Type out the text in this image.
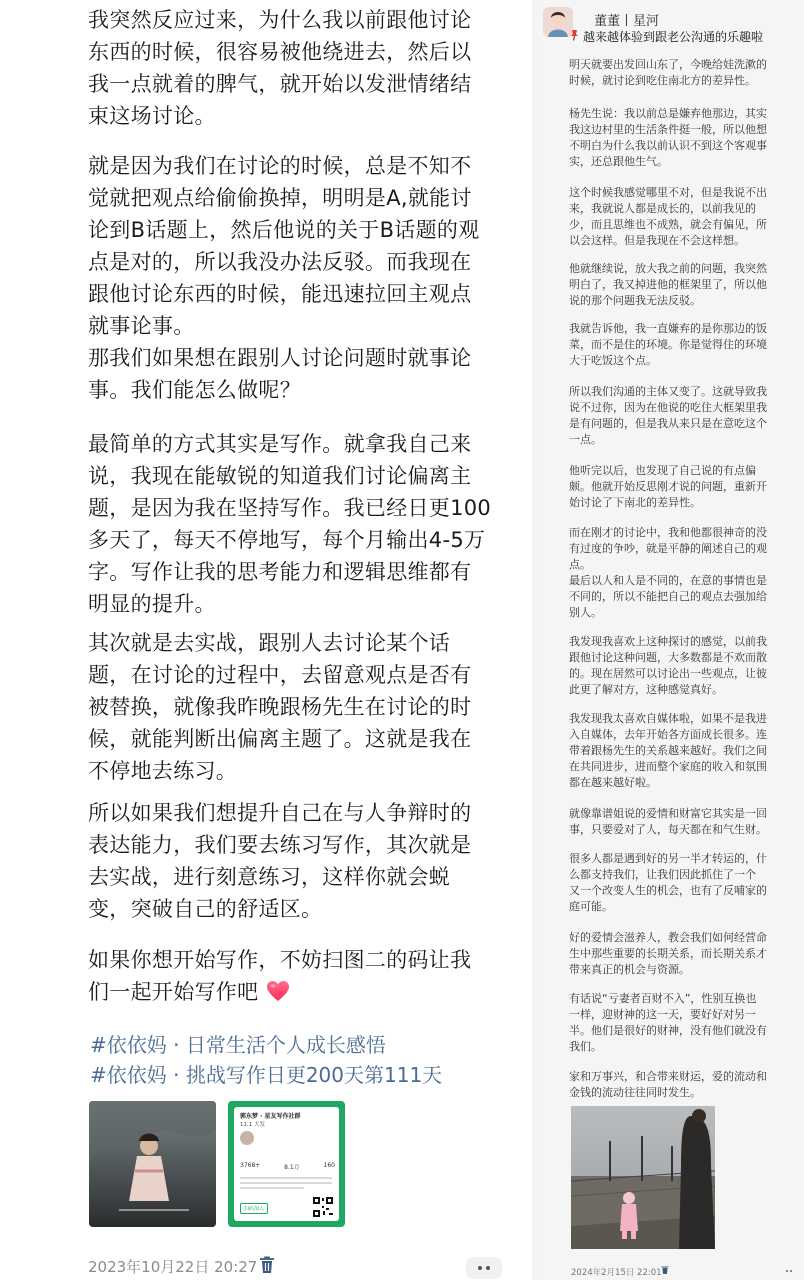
我突然反应过来，为什么我以前跟他讨论
东西的时候，很容易被他绕进去，然后以
我一点就着的脾气，就开始以发泄情绪结
束这场讨论。

就是因为我们在讨论的时候，总是不知不
觉就把观点给偷偷换掉，明明是A,就能讨
论到B话题上，然后他说的关于B话题的观
点是对的，所以我没办法反驳。而我现在
跟他讨论东西的时候，能迅速拉回主观点
就事论事。

那我们如果想在跟别人讨论问题时就事论
事。我们能怎么做呢？

最简单的方式其实是写作。就拿我自己来
说，我现在能敏锐的知道我们讨论偏离主
题，是因为我在坚持写作。我已经日更100
多天了，每天不停地写，每个月输出4-5万
字。写作让我的思考能力和逻辑思维都有
明显的提升。

其次就是去实战，跟别人去讨论某个话
题，在讨论的过程中，去留意观点是否有
被替换，就像我昨晚跟杨先生在讨论的时
候，就能判断出偏离主题了。这就是我在
不停地去练习。

所以如果我们想提升自己在与人争辩时的
表达能力，我们要去练习写作，其次就是
去实战，进行刻意练习，这样你就会蜕
变，突破自己的舒适区。

如果你想开始写作，不妨扫图二的码让我
们一起开始写作吧

#依依妈 · 日常生活个人成长感悟
#依依妈 · 挑战写作日更200天第111天
郭东梦 · 星友写作社群
11.1 大发
3768+	8.1万	160
扫码加入
2023年10月22日 20:27
董董丨星河
越来越体验到跟老公沟通的乐趣啦

明天就要出发回山东了，今晚给娃洗漱的
时候，就讨论到吃住南北方的差异性。

杨先生说：我以前总是嫌弃他那边，其实
我这边村里的生活条件挺一般，所以他想
不明白为什么我以前认识不到这个客观事
实，还总跟他生气。

这个时候我感觉哪里不对，但是我说不出
来，我就说人都是成长的，以前我见的
少，而且思维也不成熟，就会有偏见，所
以会这样。但是我现在不会这样想。

他就继续说，放大我之前的问题，我突然
明白了，我又掉进他的框架里了，所以他
说的那个问题我无法反驳。

我就告诉他，我一直嫌弃的是你那边的饭
菜，而不是住的环境。你是觉得住的环境
大于吃饭这个点。

所以我们沟通的主体又变了。这就导致我
说不过你，因为在他说的吃住大框架里我
是有问题的，但是我从来只是在意吃这个
一点。

他听完以后，也发现了自己说的有点偏
颇。他就开始反思刚才说的问题，重新开
始讨论了下南北的差异性。

而在刚才的讨论中，我和他都很神奇的没
有过度的争吵，就是平静的阐述自己的观
点。
最后以人和人是不同的，在意的事情也是
不同的，所以不能把自己的观点去强加给
别人。

我发现我喜欢上这种探讨的感觉，以前我
跟他讨论这种问题，大多数都是不欢而散
的。现在居然可以讨论出一些观点，让彼
此更了解对方，这种感觉真好。

我发现我太喜欢自媒体啦，如果不是我进
入自媒体，去年开始各方面成长很多。连
带着跟杨先生的关系越来越好。我们之间
在共同进步，进而整个家庭的收入和氛围
都在越来越好啦。

就像靠谱姐说的爱情和财富它其实是一回
事，只要爱对了人，每天都在和气生财。

很多人都是遇到好的另一半才转运的，什
么都支持我们，让我们因此抓住了一个
又一个改变人生的机会，也有了反哺家的
庭可能。

好的爱情会滋养人，教会我们如何经营命
生中那些重要的长期关系，而长期关系才
带来真正的机会与资源。

有话说“亏妻者百财不入”，性别互换也
一样，迎财神的这一天，要好好对另一
半。他们是很好的财神，没有他们就没有
我们。

家和万事兴，和合带来财运，爱的流动和
金钱的流动往往同时发生。

2024年2月15日 22:01
